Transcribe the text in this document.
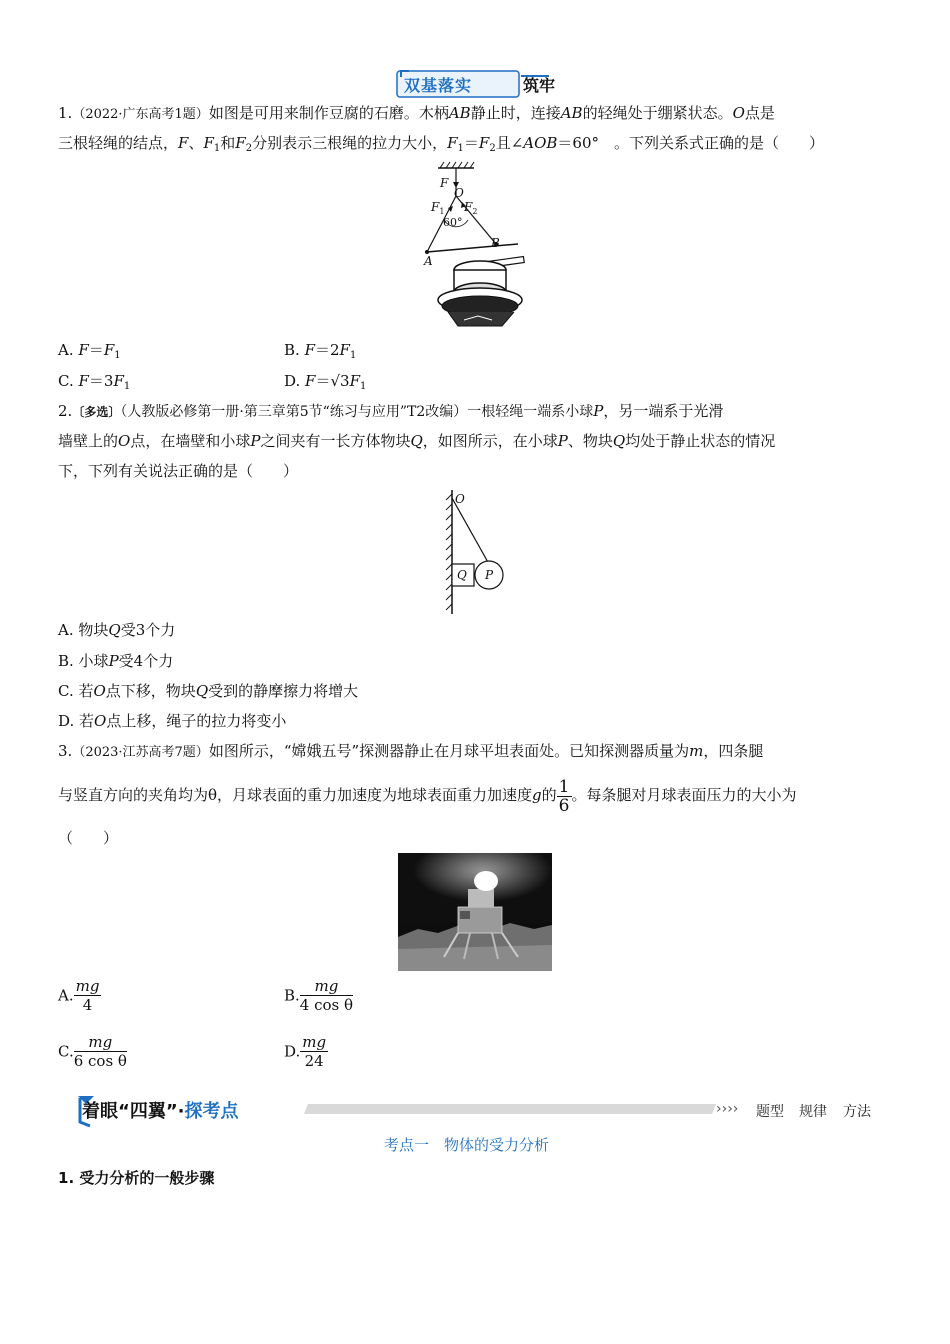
双基落实	筑牢
1.（2022·广东高考1题）如图是可用来制作豆腐的石磨。木柄AB静止时，连接AB的轻绳处于绷紧状态。O点是
三根轻绳的结点，F、$F_1$和$F_2$分别表示三根绳的拉力大小，$F_1=F_2$且∠AOB＝60°　。下列关系式正确的是（　　）
F
O
$F_1$ $F_2$
60°
A
B
A. $F=F_1$	B. $F=2F_1$
C. $F=3F_1$	D. $F=√3F_1$
2.〔多选〕（人教版必修第一册·第三章第5节“练习与应用”T2改编）一根轻绳一端系小球P，另一端系于光滑
墙壁上的O点，在墙壁和小球P之间夹有一长方体物块Q，如图所示，在小球P、物块Q均处于静止状态的情况
下，下列有关说法正确的是（　　）
O
Q P
A. 物块Q受3个力
B. 小球P受4个力
C. 若O点下移，物块Q受到的静摩擦力将增大
D. 若O点上移，绳子的拉力将变小
3.（2023·江苏高考7题）如图所示，“嫦娥五号”探测器静止在月球平坦表面处。已知探测器质量为m，四条腿
与竖直方向的夹角均为θ，月球表面的重力加速度为地球表面重力加速度g的 $\frac{1}{6}$ 。每条腿对月球表面压力的大小为
（　　）
A. $\frac{mg}{4}$	B. $\frac{mg}{\text{4 cos θ}}$
C. $\frac{mg}{\text{6 cos θ}}$	D. $\frac{mg}{24}$
着眼“四翼”·探考点	›››› 题型 规律 方法
考点一　物体的受力分析
1. 受力分析的一般步骤
